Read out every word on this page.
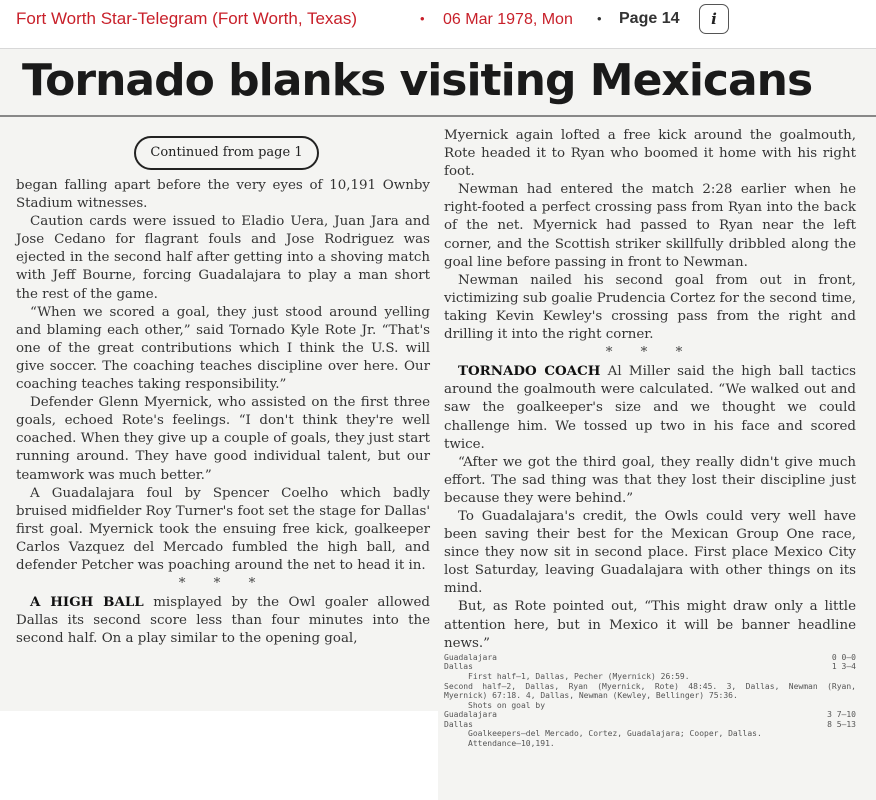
Fort Worth Star-Telegram (Fort Worth, Texas)	• 06 Mar 1978, Mon • Page 14	i
Tornado blanks visiting Mexicans
Continued from page 1

began falling apart before the very eyes of 10,191 Ownby Stadium witnesses.

Caution cards were issued to Eladio Uera, Juan Jara and Jose Cedano for flagrant fouls and Jose Rodriguez was ejected in the second half after getting into a shoving match with Jeff Bourne, forcing Guadalajara to play a man short the rest of the game.

“When we scored a goal, they just stood around yelling and blaming each other,” said Tornado Kyle Rote Jr. “That's one of the great contributions which I think the U.S. will give soccer. The coaching teaches discipline over here. Our coaching teaches taking responsibility.”

Defender Glenn Myernick, who assisted on the first three goals, echoed Rote's feelings. “I don't think they're well coached. When they give up a couple of goals, they just start running around. They have good individual talent, but our teamwork was much better.”

A Guadalajara foul by Spencer Coelho which badly bruised midfielder Roy Turner's foot set the stage for Dallas' first goal. Myernick took the ensuing free kick, goalkeeper Carlos Vazquez del Mercado fumbled the high ball, and defender Petcher was poaching around the net to head it in.

* * *

A HIGH BALL misplayed by the Owl goaler allowed Dallas its second score less than four minutes into the second half. On a play similar to the opening goal,

Myernick again lofted a free kick around the goalmouth, Rote headed it to Ryan who boomed it home with his right foot.

Newman had entered the match 2:28 earlier when he right-footed a perfect crossing pass from Ryan into the back of the net. Myernick had passed to Ryan near the left corner, and the Scottish striker skillfully dribbled along the goal line before passing in front to Newman.

Newman nailed his second goal from out in front, victimizing sub goalie Prudencia Cortez for the second time, taking Kevin Kewley's crossing pass from the right and drilling it into the right corner.

* * *

TORNADO COACH Al Miller said the high ball tactics around the goalmouth were calculated. “We walked out and saw the goalkeeper's size and we thought we could challenge him. We tossed up two in his face and scored twice.

“After we got the third goal, they really didn't give much effort. The sad thing was that they lost their discipline just because they were behind.”

To Guadalajara's credit, the Owls could very well have been saving their best for the Mexican Group One race, since they now sit in second place. First place Mexico City lost Saturday, leaving Guadalajara with other things on its mind.

But, as Rote pointed out, “This might draw only a little attention here, but in Mexico it will be banner headline news.”

Guadalajara	0 0—0
Dallas	1 3—4
First half—1, Dallas, Pecher (Myernick) 26:59.
Second half—2, Dallas, Ryan (Myernick, Rote) 48:45. 3, Dallas, Newman (Ryan, Myernick) 67:18. 4, Dallas, Newman (Kewley, Bellinger) 75:36.
Shots on goal by
Guadalajara	3 7—10
Dallas	8 5—13
Goalkeepers—del Mercado, Cortez, Guadalajara; Cooper, Dallas.
Attendance—10,191.
